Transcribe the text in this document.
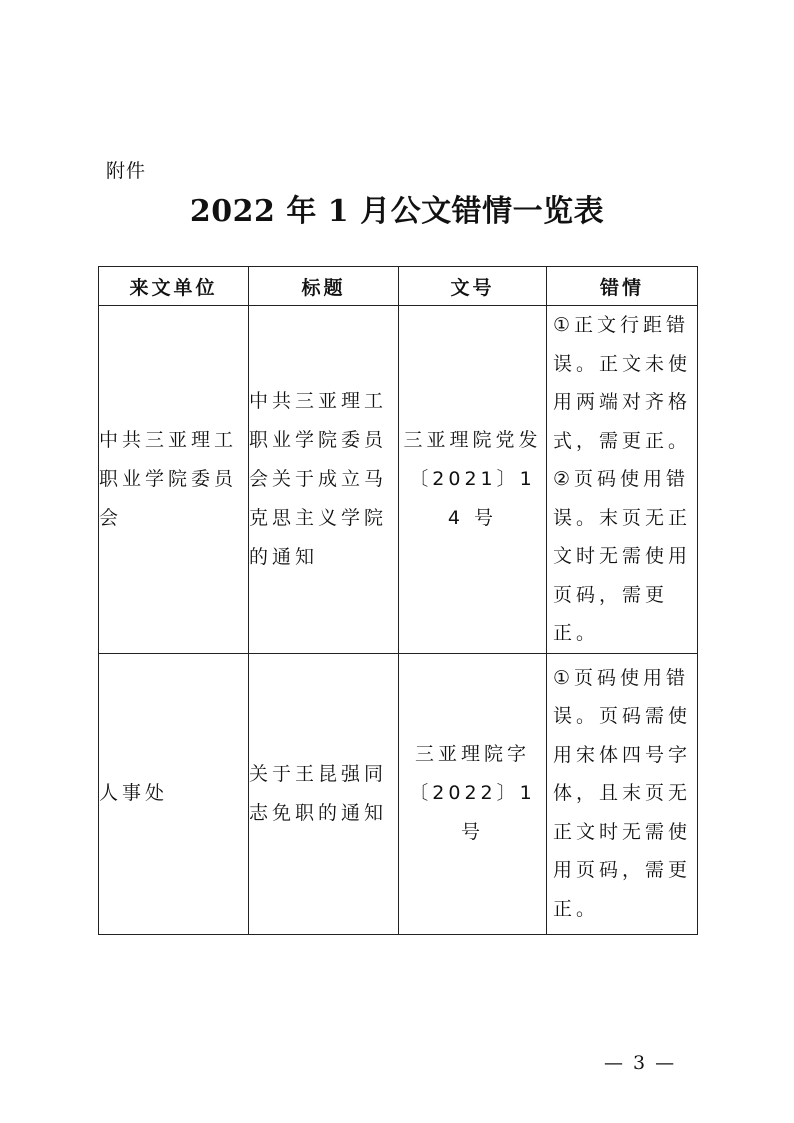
附件
2022 年 1 月公文错情一览表
来文单位	标题	文号	错情
中共三亚理工职业学院委员会	中共三亚理工职业学院委员会关于成立马克思主义学院的通知	三亚理院党发〔2021〕14 号	①正文行距错误。正文未使用两端对齐格式，需更正。②页码使用错误。末页无正文时无需使用页码，需更正。
人事处	关于王昆强同志免职的通知	三亚理院字〔2022〕1 号	①页码使用错误。页码需使用宋体四号字体，且末页无正文时无需使用页码，需更正。
— 3 —
